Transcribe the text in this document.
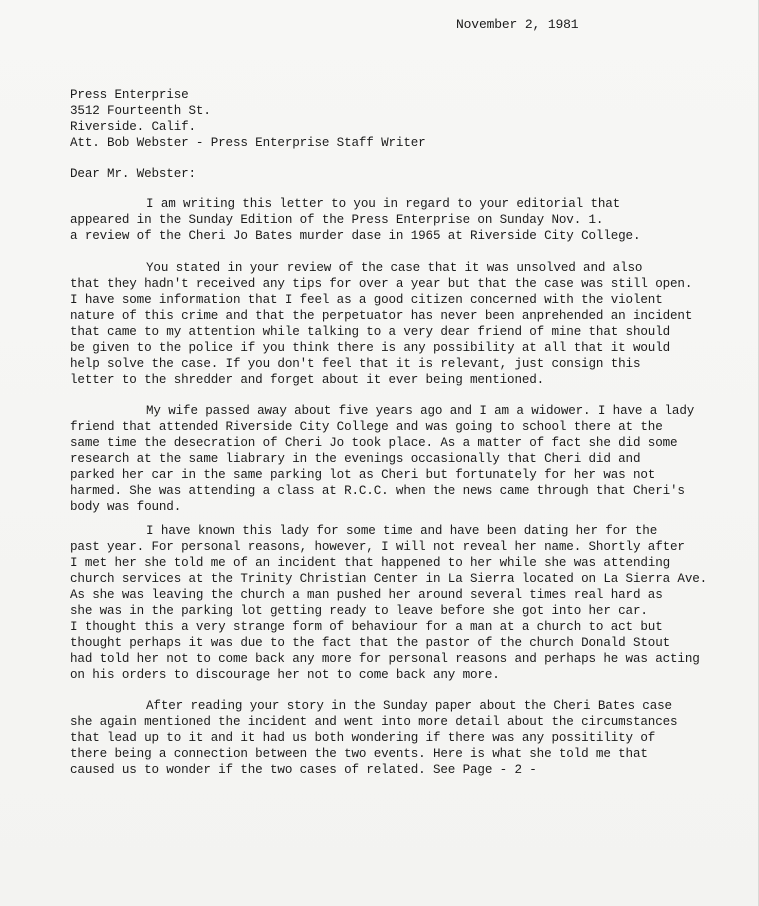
November 2, 1981
Press Enterprise
3512 Fourteenth St.
Riverside. Calif.
Att. Bob Webster - Press Enterprise Staff Writer
Dear Mr. Webster:
I am writing this letter to you in regard to your editorial that
appeared in the Sunday Edition of the Press Enterprise on Sunday Nov. 1.
a review of the Cheri Jo Bates murder dase in 1965 at Riverside City College.
You stated in your review of the case that it was unsolved and also
that they hadn't received any tips for over a year but that the case was still open.
I have some information that I feel as a good citizen concerned with the violent
nature of this crime and that the perpetuator has never been anprehended an incident
that came to my attention while talking to a very dear friend of mine that should
be given to the police if you think there is any possibility at all that it would
help solve the case. If you don't feel that it is relevant, just consign this
letter to the shredder and forget about it ever being mentioned.
My wife passed away about five years ago and I am a widower. I have a lady
friend that attended Riverside City College and was going to school there at the
same time the desecration of Cheri Jo took place. As a matter of fact she did some
research at the same liabrary in the evenings occasionally that Cheri did and
parked her car in the same parking lot as Cheri but fortunately for her was not
harmed. She was attending a class at R.C.C. when the news came through that Cheri's
body was found.
I have known this lady for some time and have been dating her for the
past year. For personal reasons, however, I will not reveal her name. Shortly after
I met her she told me of an incident that happened to her while she was attending
church services at the Trinity Christian Center in La Sierra located on La Sierra Ave.
As she was leaving the church a man pushed her around several times real hard as
she was in the parking lot getting ready to leave before she got into her car.
I thought this a very strange form of behaviour for a man at a church to act but
thought perhaps it was due to the fact that the pastor of the church Donald Stout
had told her not to come back any more for personal reasons and perhaps he was acting
on his orders to discourage her not to come back any more.
After reading your story in the Sunday paper about the Cheri Bates case
she again mentioned the incident and went into more detail about the circumstances
that lead up to it and it had us both wondering if there was any possitility of
there being a connection between the two events. Here is what she told me that
caused us to wonder if the two cases of related. See Page - 2 -
